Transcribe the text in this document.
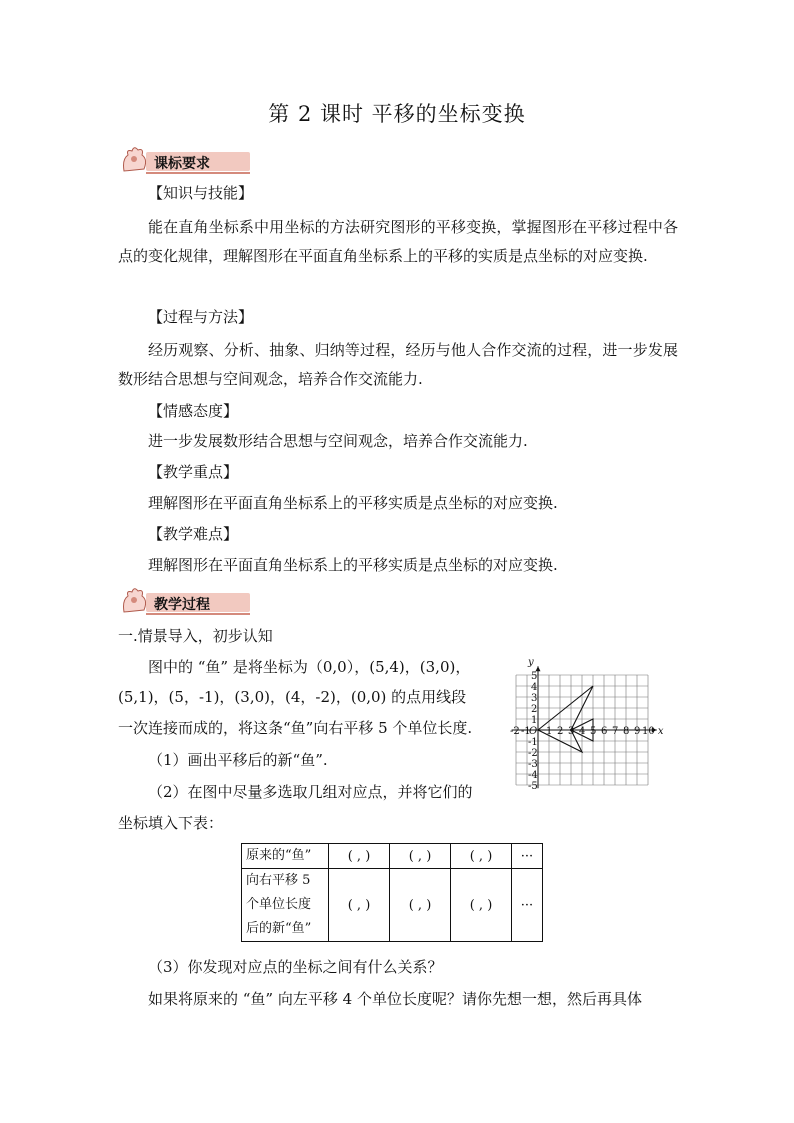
第 2 课时 平移的坐标变换
课标要求
【知识与技能】
能在直角坐标系中用坐标的方法研究图形的平移变换，掌握图形在平移过程中各点的变化规律，理解图形在平面直角坐标系上的平移的实质是点坐标的对应变换.
【过程与方法】
经历观察、分析、抽象、归纳等过程，经历与他人合作交流的过程，进一步发展数形结合思想与空间观念，培养合作交流能力.
【情感态度】
进一步发展数形结合思想与空间观念，培养合作交流能力.
【教学重点】
理解图形在平面直角坐标系上的平移实质是点坐标的对应变换.
【教学难点】
理解图形在平面直角坐标系上的平移实质是点坐标的对应变换.
教学过程
一.情景导入，初步认知
图中的 “鱼” 是将坐标为（0,0），(5,4)，(3,0)，
(5,1)，(5，-1)，(3,0)，(4，-2)，(0,0) 的点用线段
一次连接而成的，将这条“鱼”向右平移 5 个单位长度.
（1）画出平移后的新“鱼”.
（2）在图中尽量多选取几组对应点，并将它们的
坐标填入下表：
x
y
O
-2 -1 1 2 3 4 5 6 7 8 9 10
5
4
3
2
1
-1
-2
-3
-4
-5
原来的“鱼”	( , )	( , )	( , )	···

向右平移 5
个单位长度
后的新“鱼”	( , )	( , )	( , )	···
（3）你发现对应点的坐标之间有什么关系？
如果将原来的 “鱼” 向左平移 4 个单位长度呢？请你先想一想，然后再具体
